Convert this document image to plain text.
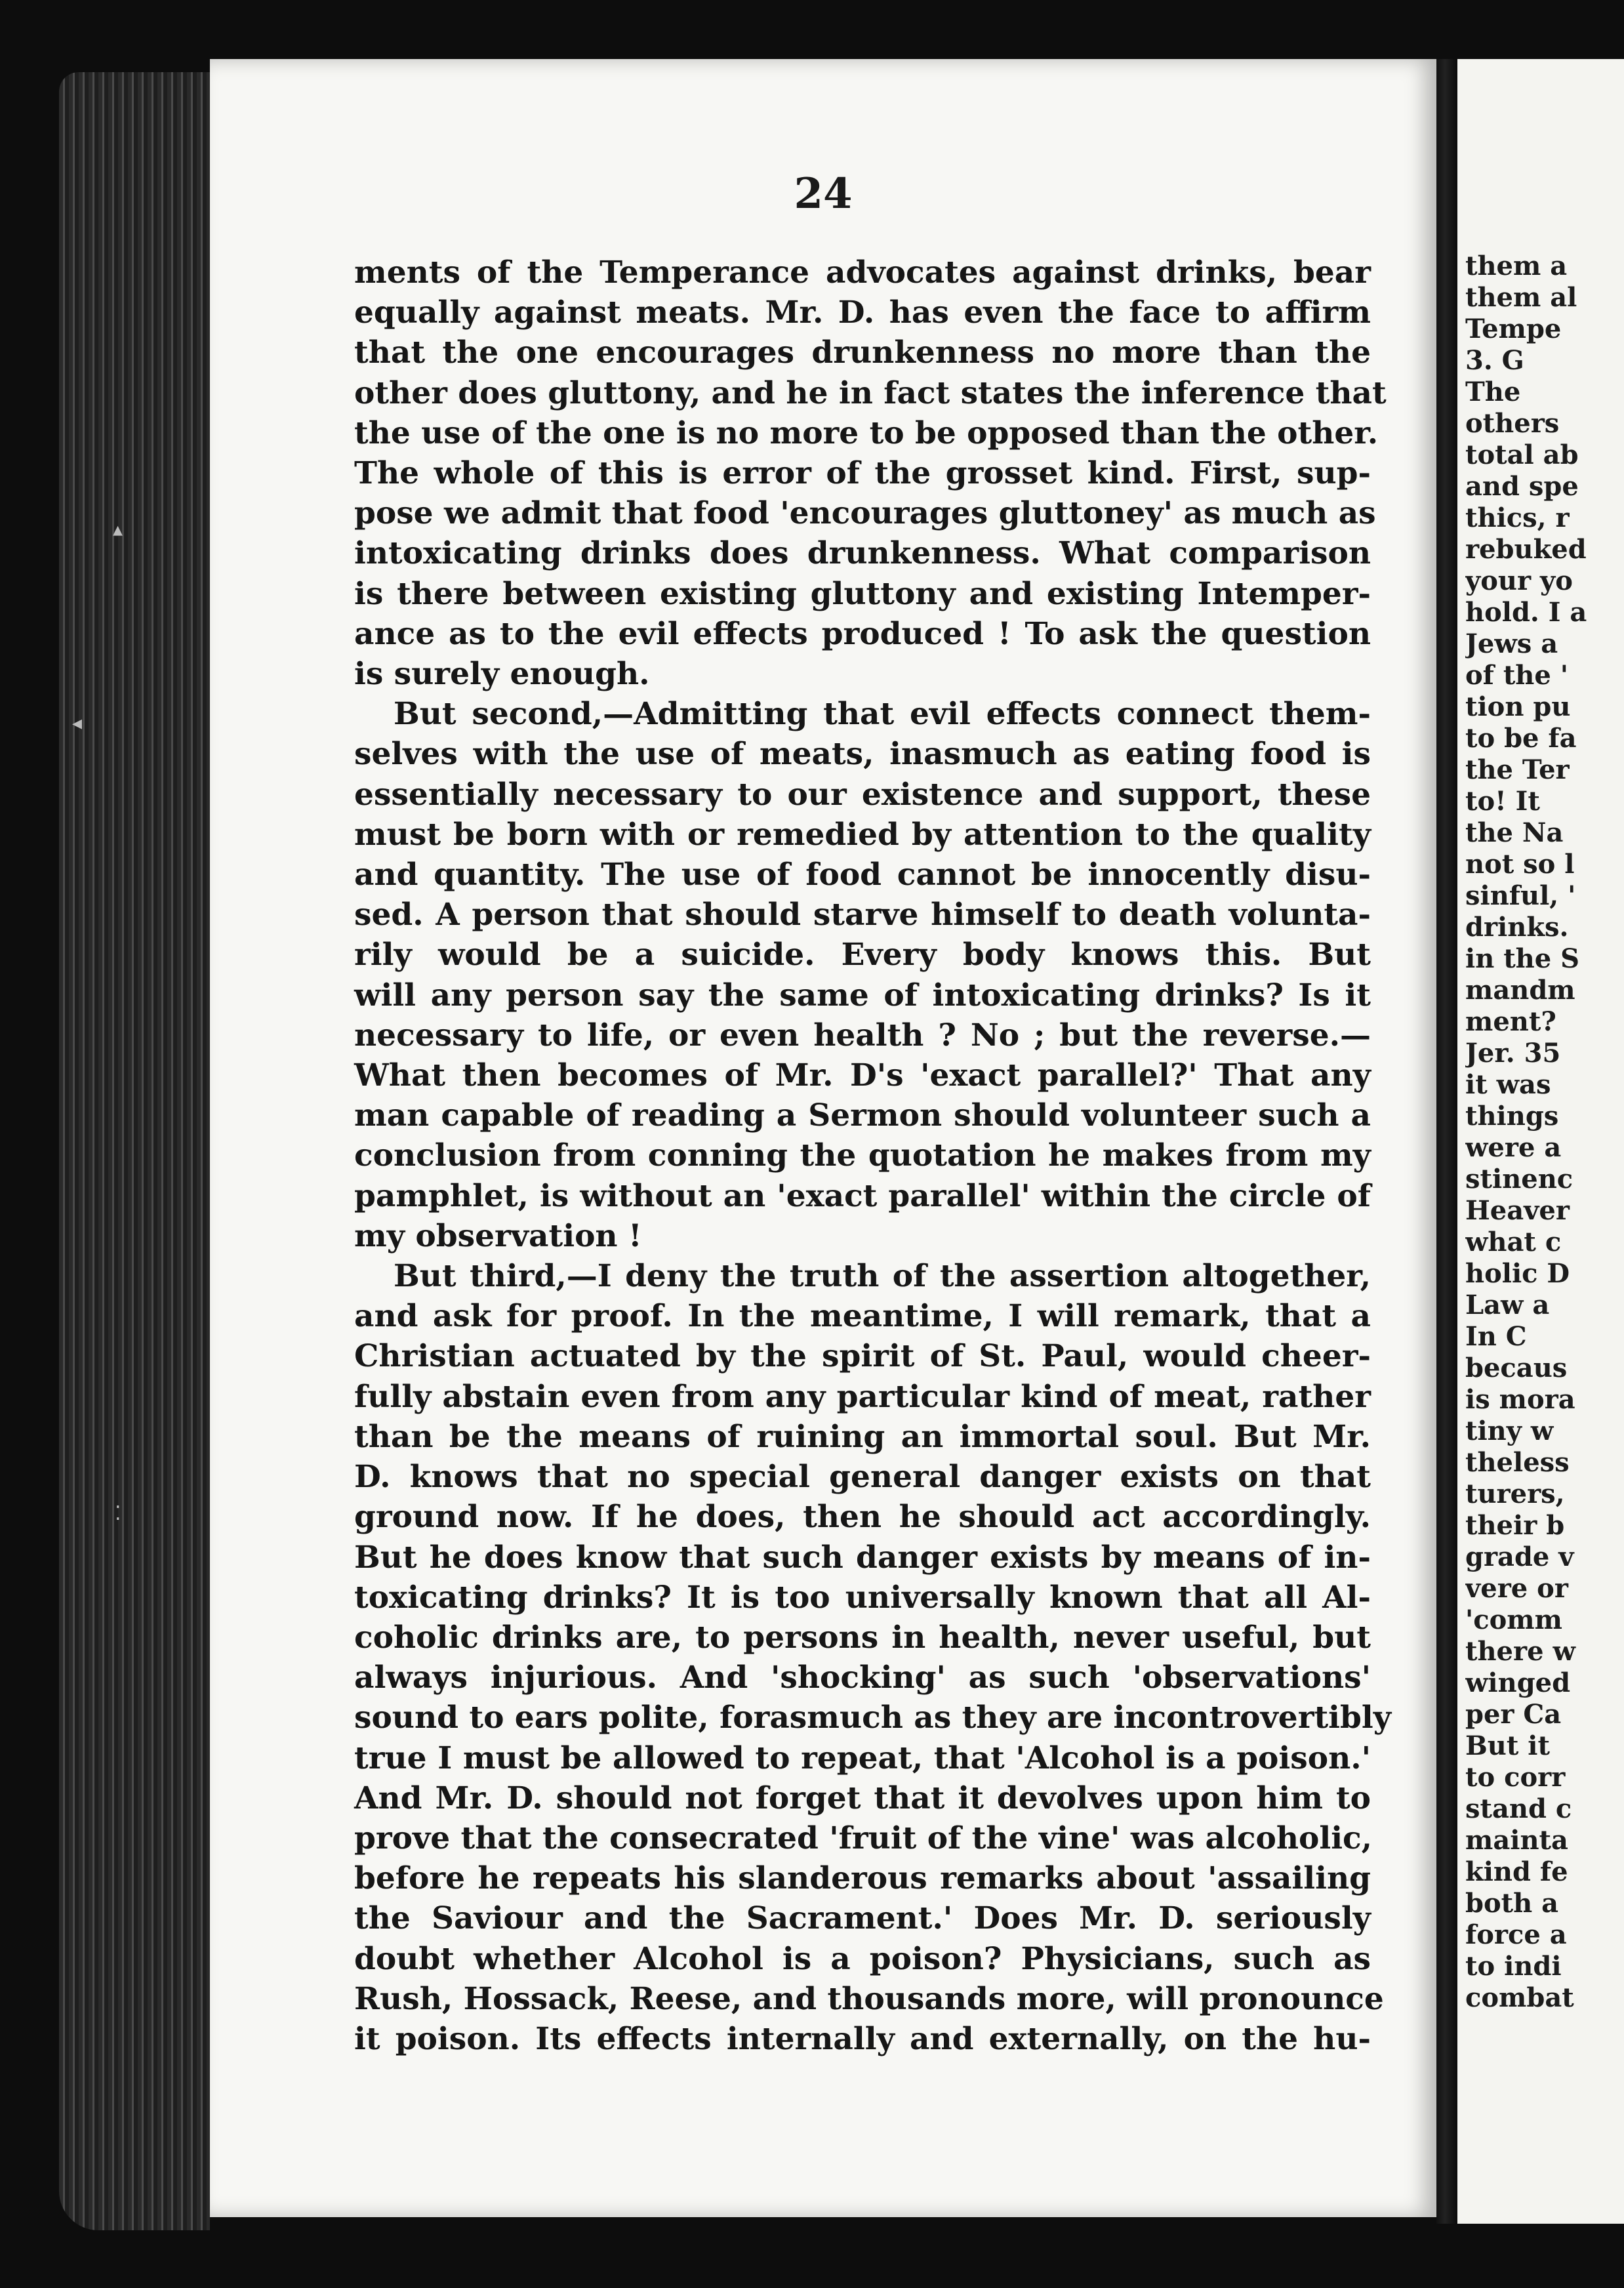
24
ments of the Temperance advocates against drinks, bear
equally against meats. Mr. D. has even the face to affirm
that the one encourages drunkenness no more than the
other does gluttony, and he in fact states the inference that
the use of the one is no more to be opposed than the other.
The whole of this is error of the grosset kind. First, sup-
pose we admit that food 'encourages gluttoney' as much as
intoxicating drinks does drunkenness. What comparison
is there between existing gluttony and existing Intemper-
ance as to the evil effects produced ! To ask the question
is surely enough.
But second,—Admitting that evil effects connect them-
selves with the use of meats, inasmuch as eating food is
essentially necessary to our existence and support, these
must be born with or remedied by attention to the quality
and quantity. The use of food cannot be innocently disu-
sed. A person that should starve himself to death volunta-
rily would be a suicide. Every body knows this. But
will any person say the same of intoxicating drinks? Is it
necessary to life, or even health ? No ; but the reverse.—
What then becomes of Mr. D's 'exact parallel?' That any
man capable of reading a Sermon should volunteer such a
conclusion from conning the quotation he makes from my
pamphlet, is without an 'exact parallel' within the circle of
my observation !
But third,—I deny the truth of the assertion altogether,
and ask for proof. In the meantime, I will remark, that a
Christian actuated by the spirit of St. Paul, would cheer-
fully abstain even from any particular kind of meat, rather
than be the means of ruining an immortal soul. But Mr.
D. knows that no special general danger exists on that
ground now. If he does, then he should act accordingly.
But he does know that such danger exists by means of in-
toxicating drinks? It is too universally known that all Al-
coholic drinks are, to persons in health, never useful, but
always injurious. And 'shocking' as such 'observations'
sound to ears polite, forasmuch as they are incontrovertibly
true I must be allowed to repeat, that 'Alcohol is a poison.'
And Mr. D. should not forget that it devolves upon him to
prove that the consecrated 'fruit of the vine' was alcoholic,
before he repeats his slanderous remarks about 'assailing
the Saviour and the Sacrament.' Does Mr. D. seriously
doubt whether Alcohol is a poison? Physicians, such as
Rush, Hossack, Reese, and thousands more, will pronounce
it poison. Its effects internally and externally, on the hu-
them a
them al
Tempe
3. G
The
others
total ab
and spe
thics, r
rebuked
your yo
hold. I a
Jews a
of the '
tion pu
to be fa
the Ter
to! It
the Na
not so l
sinful, '
drinks.
in the S
mandm
ment?
Jer. 35
it was
things
were a
stinenc
Heaver
what c
holic D
Law a
In C
becaus
is mora
tiny w
theless
turers,
their b
grade v
vere or
'comm
there w
winged
per Ca
But it
to corr
stand c
mainta
kind fe
both a
force a
to indi
combat
▴
◂
⁚
